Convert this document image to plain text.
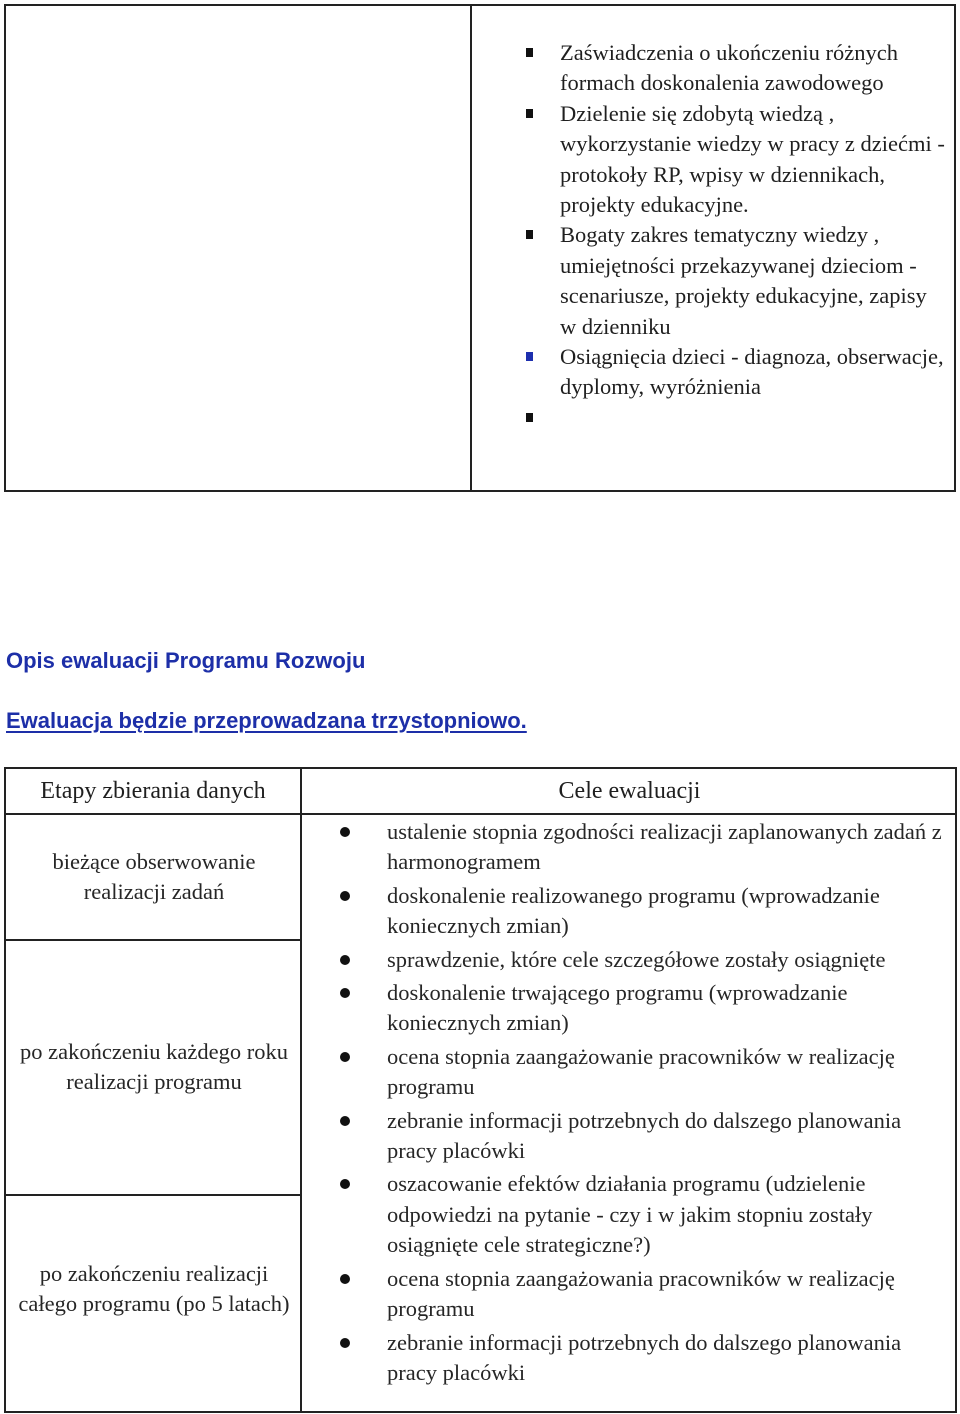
Zaświadczenia o ukończeniu różnych formach doskonalenia zawodowego
Dzielenie się zdobytą wiedzą , wykorzystanie wiedzy w pracy z dziećmi - protokoły RP, wpisy w dziennikach, projekty edukacyjne.
Bogaty zakres tematyczny wiedzy , umiejętności przekazywanej dzieciom - scenariusze, projekty edukacyjne, zapisy w dzienniku
Osiągnięcia dzieci - diagnoza, obserwacje, dyplomy, wyróżnienia
Opis ewaluacji Programu Rozwoju
Ewaluacja będzie przeprowadzana trzystopniowo.
Etapy zbierania danych	Cele ewaluacji
bieżące obserwowanie realizacji zadań
po zakończeniu każdego roku realizacji programu
po zakończeniu realizacji całego programu (po 5 latach)
ustalenie stopnia zgodności realizacji zaplanowanych zadań z harmonogramem
doskonalenie realizowanego programu (wprowadzanie koniecznych zmian)
sprawdzenie, które cele szczegółowe zostały osiągnięte
doskonalenie trwającego programu (wprowadzanie koniecznych zmian)
ocena stopnia zaangażowanie pracowników w realizację programu
zebranie informacji potrzebnych do dalszego planowania pracy placówki
oszacowanie efektów działania programu (udzielenie odpowiedzi na pytanie - czy i w jakim stopniu zostały osiągnięte cele strategiczne?)
ocena stopnia zaangażowania pracowników w realizację programu
zebranie informacji potrzebnych do dalszego planowania pracy placówki
